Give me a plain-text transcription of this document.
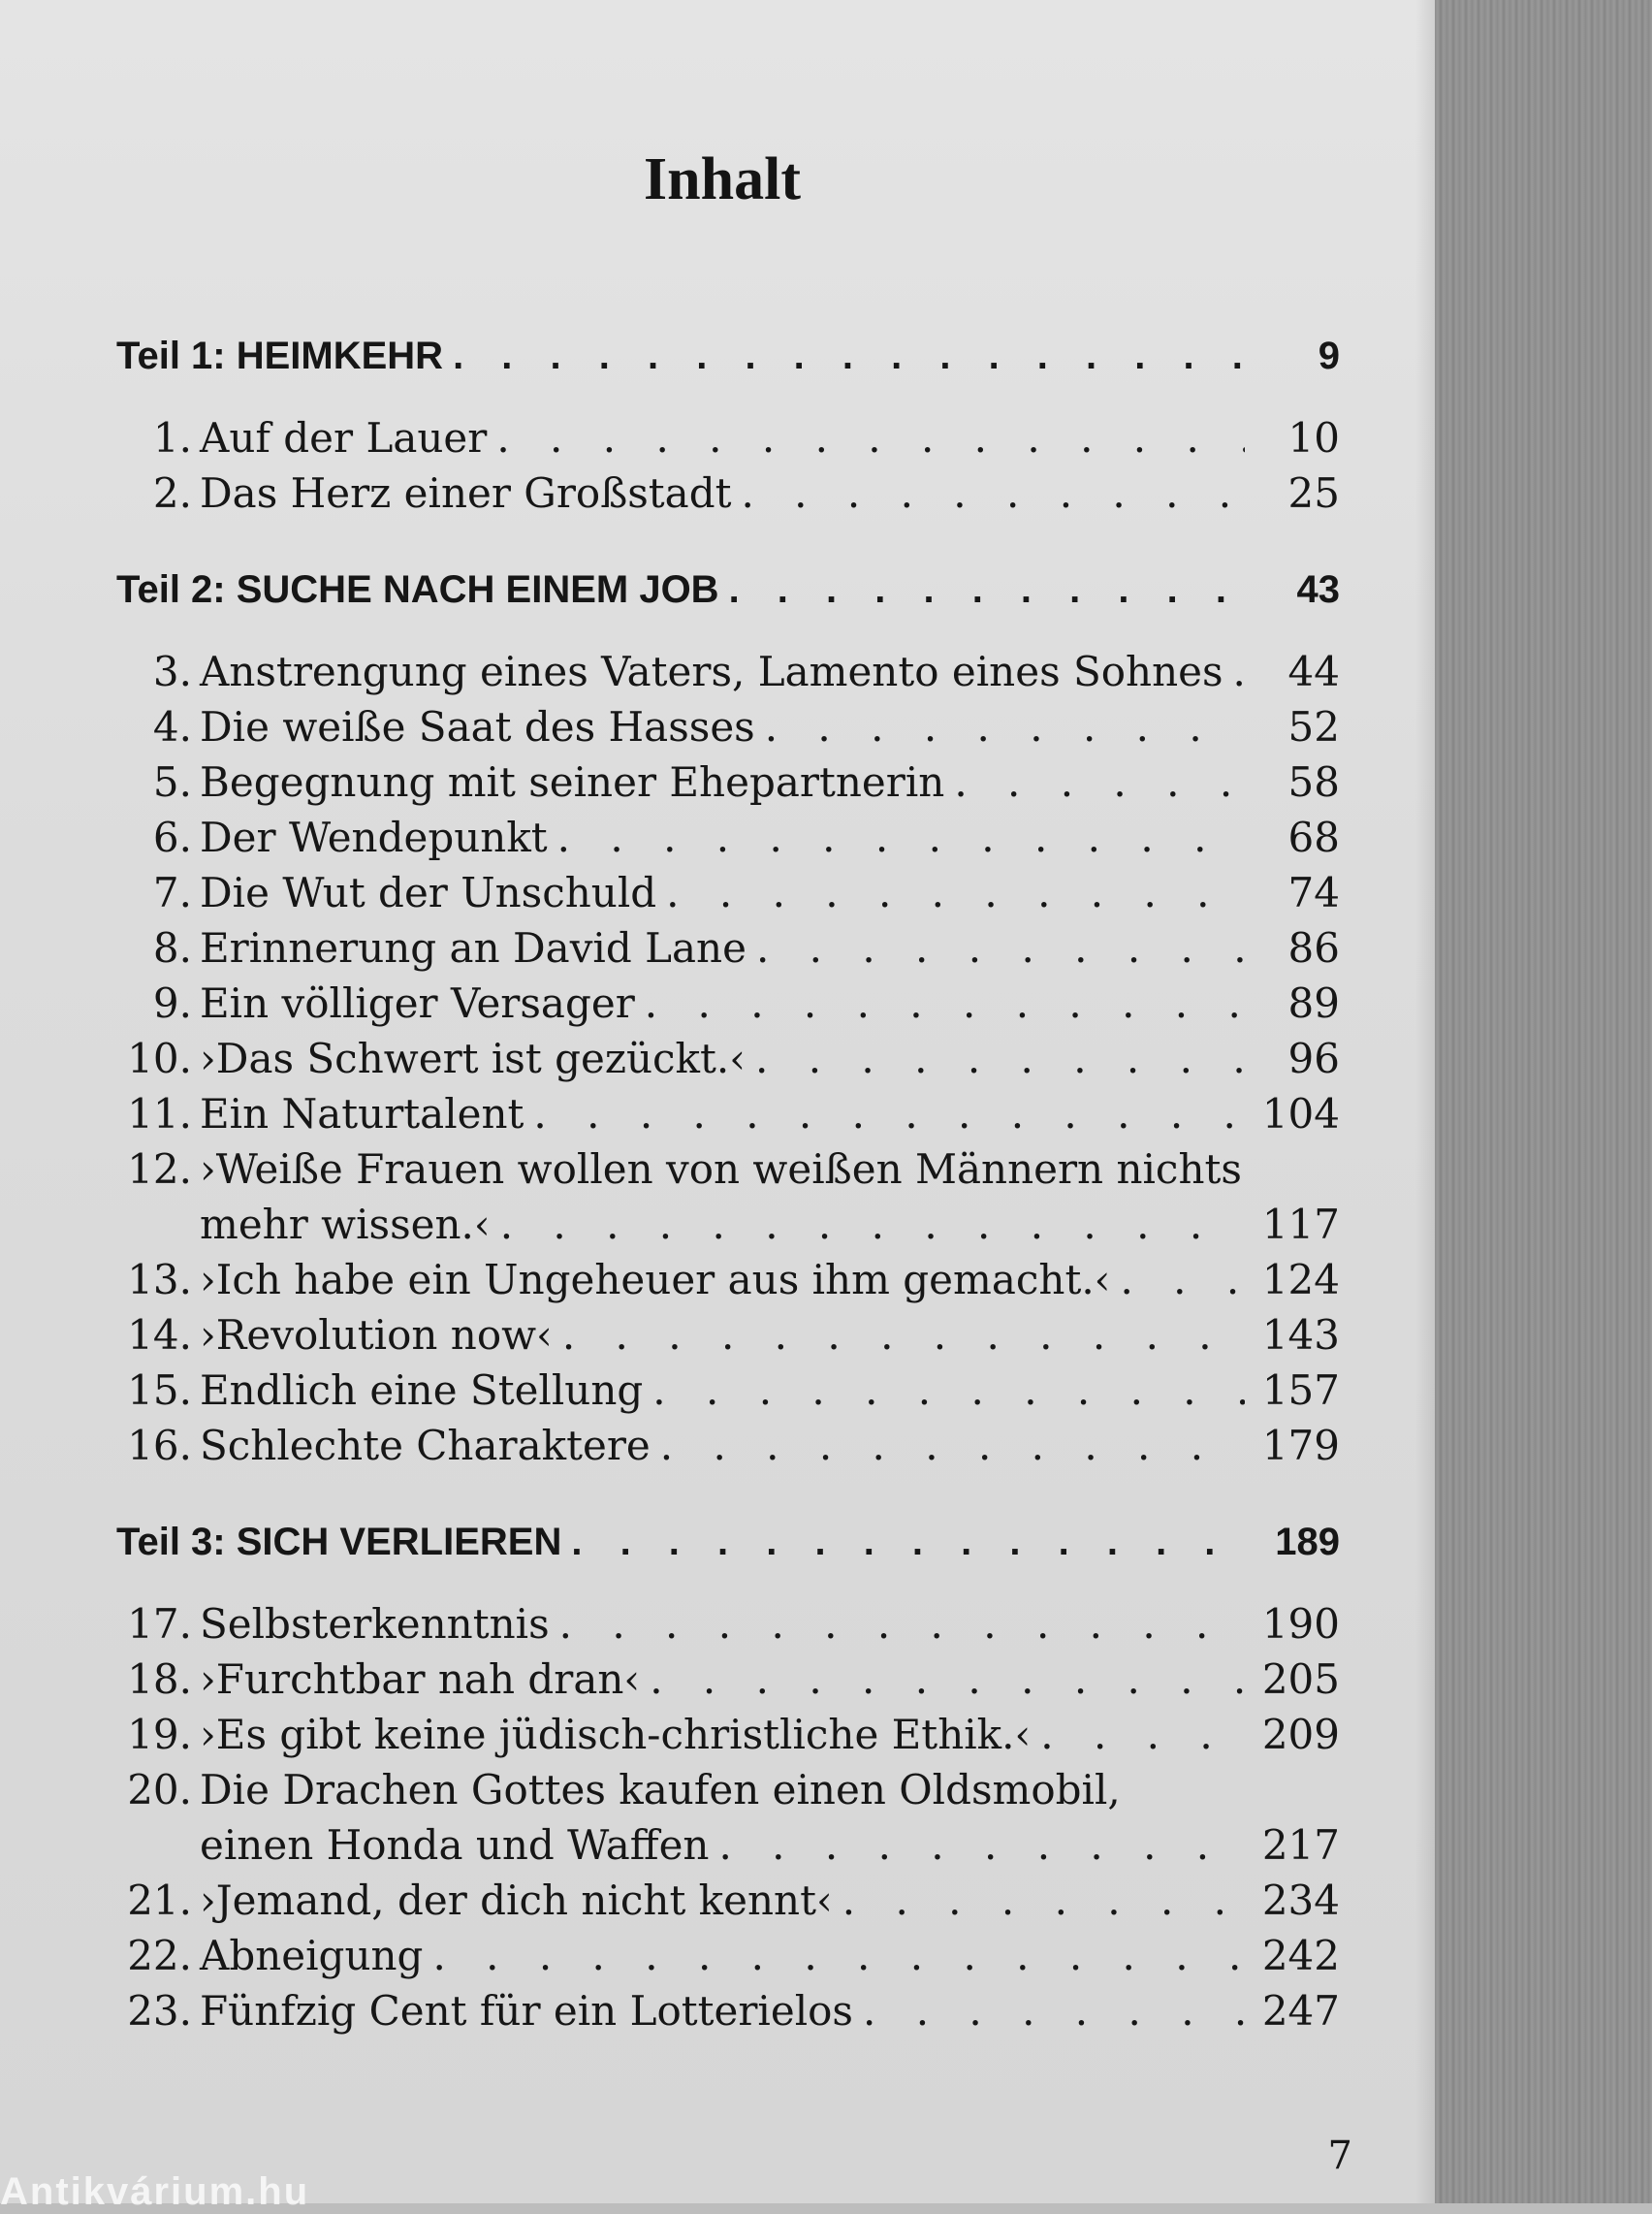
Inhalt
Teil 1: HEIMKEHR . . .	9
1. Auf der Lauer . . .	10
2. Das Herz einer Großstadt . . .	25
Teil 2: SUCHE NACH EINEM JOB . . .	43
3. Anstrengung eines Vaters, Lamento eines Sohnes . . .	44
4. Die weiße Saat des Hasses . . .	52
5. Begegnung mit seiner Ehepartnerin . . .	58
6. Der Wendepunkt . . .	68
7. Die Wut der Unschuld . . .	74
8. Erinnerung an David Lane . . .	86
9. Ein völliger Versager . . .	89
10. ›Das Schwert ist gezückt.‹ . . .	96
11. Ein Naturtalent . . .	104
12. ›Weiße Frauen wollen von weißen Männern nichts
mehr wissen.‹ . . .	117
13. ›Ich habe ein Ungeheuer aus ihm gemacht.‹ . . .	124
14. ›Revolution now‹ . . .	143
15. Endlich eine Stellung . . .	157
16. Schlechte Charaktere . . .	179
Teil 3: SICH VERLIEREN . . .	189
17. Selbsterkenntnis . . .	190
18. ›Furchtbar nah dran‹ . . .	205
19. ›Es gibt keine jüdisch-christliche Ethik.‹ . . .	209
20. Die Drachen Gottes kaufen einen Oldsmobil,
einen Honda und Waffen . . .	217
21. ›Jemand, der dich nicht kennt‹ . . .	234
22. Abneigung . . .	242
23. Fünfzig Cent für ein Lotterielos . . .	247
7
Antikvárium.hu
